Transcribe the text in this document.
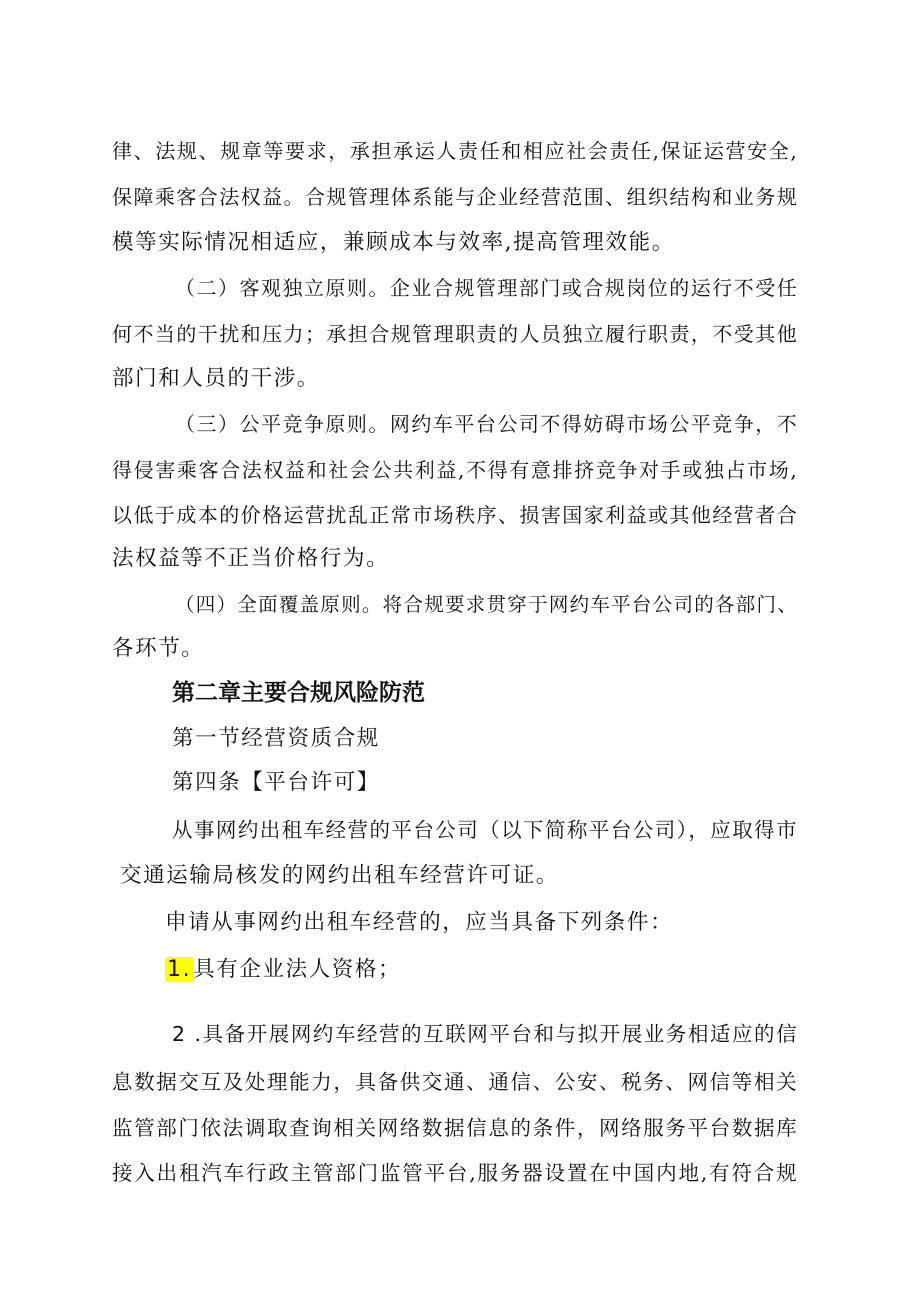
律、法规、规章等要求，承担承运人责任和相应社会责任,保证运营安全,
保障乘客合法权益。合规管理体系能与企业经营范围、组织结构和业务规
模等实际情况相适应，兼顾成本与效率,提高管理效能。
（二）客观独立原则。企业合规管理部门或合规岗位的运行不受任
何不当的干扰和压力；承担合规管理职责的人员独立履行职责，不受其他
部门和人员的干涉。
（三）公平竞争原则。网约车平台公司不得妨碍市场公平竞争，不
得侵害乘客合法权益和社会公共利益,不得有意排挤竞争对手或独占市场,
以低于成本的价格运营扰乱正常市场秩序、损害国家利益或其他经营者合
法权益等不正当价格行为。
（四）全面覆盖原则。将合规要求贯穿于网约车平台公司的各部门、
各环节。
第二章主要合规风险防范
第一节经营资质合规
第四条【平台许可】
从事网约出租车经营的平台公司（以下简称平台公司），应取得市
交通运输局核发的网约出租车经营许可证。
申请从事网约出租车经营的，应当具备下列条件：
1.具有企业法人资格；
2 .具备开展网约车经营的互联网平台和与拟开展业务相适应的信
息数据交互及处理能力，具备供交通、通信、公安、税务、网信等相关
监管部门依法调取查询相关网络数据信息的条件，网络服务平台数据库
接入出租汽车行政主管部门监管平台,服务器设置在中国内地,有符合规
